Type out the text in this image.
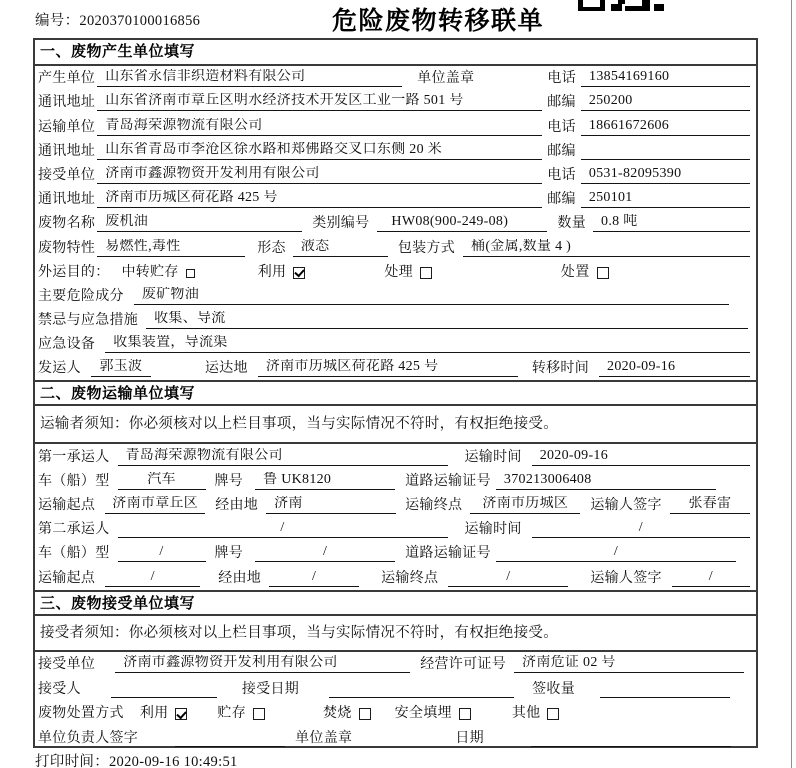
编号：2020370100016856	危险废物转移联单
一、废物产生单位填写
产生单位 山东省永信非织造材料有限公司	单位盖章	电话 13854169160
通讯地址 山东省济南市章丘区明水经济技术开发区工业一路 501 号	邮编 250200
运输单位 青岛海荣源物流有限公司	电话 18661672606
通讯地址 山东省青岛市李沧区徐水路和郑佛路交叉口东侧 20 米	邮编
接受单位 济南市鑫源物资开发利用有限公司	电话 0531-82095390
通讯地址 济南市历城区荷花路 425 号	邮编 250101
废物名称 废机油	类别编号	HW08(900-249-08)	数量	0.8 吨
废物特性 易燃性,毒性	形态	液态	包装方式	桶(金属,数量 4 )
外运目的： 中转贮存	利用	处理	处置
主要危险成分	废矿物油
禁忌与应急措施	收集、导流
应急设备	收集装置，导流渠
发运人	郭玉波	运达地	济南市历城区荷花路 425 号	转移时间	2020-09-16
二、废物运输单位填写
运输者须知：你必须核对以上栏目事项，当与实际情况不符时，有权拒绝接受。
第一承运人	青岛海荣源物流有限公司	运输时间	2020-09-16
车（船）型	汽车	牌号	鲁 UK8120	道路运输证号 370213006408
运输起点	济南市章丘区	经由地	济南	运输终点	济南市历城区	运输人签字	张春雷
第二承运人	/	运输时间	/
车（船）型	/	牌号	/	道路运输证号	/
运输起点	/	经由地	/	运输终点	/	运输人签字	/
三、废物接受单位填写
接受者须知：你必须核对以上栏目事项，当与实际情况不符时，有权拒绝接受。
接受单位	济南市鑫源物资开发利用有限公司	经营许可证号	济南危证 02 号
接受人	接受日期	签收量
废物处置方式 利用	贮存	焚烧	安全填埋	其他
单位负责人签字	单位盖章	日期
打印时间：2020-09-16 10:49:51
